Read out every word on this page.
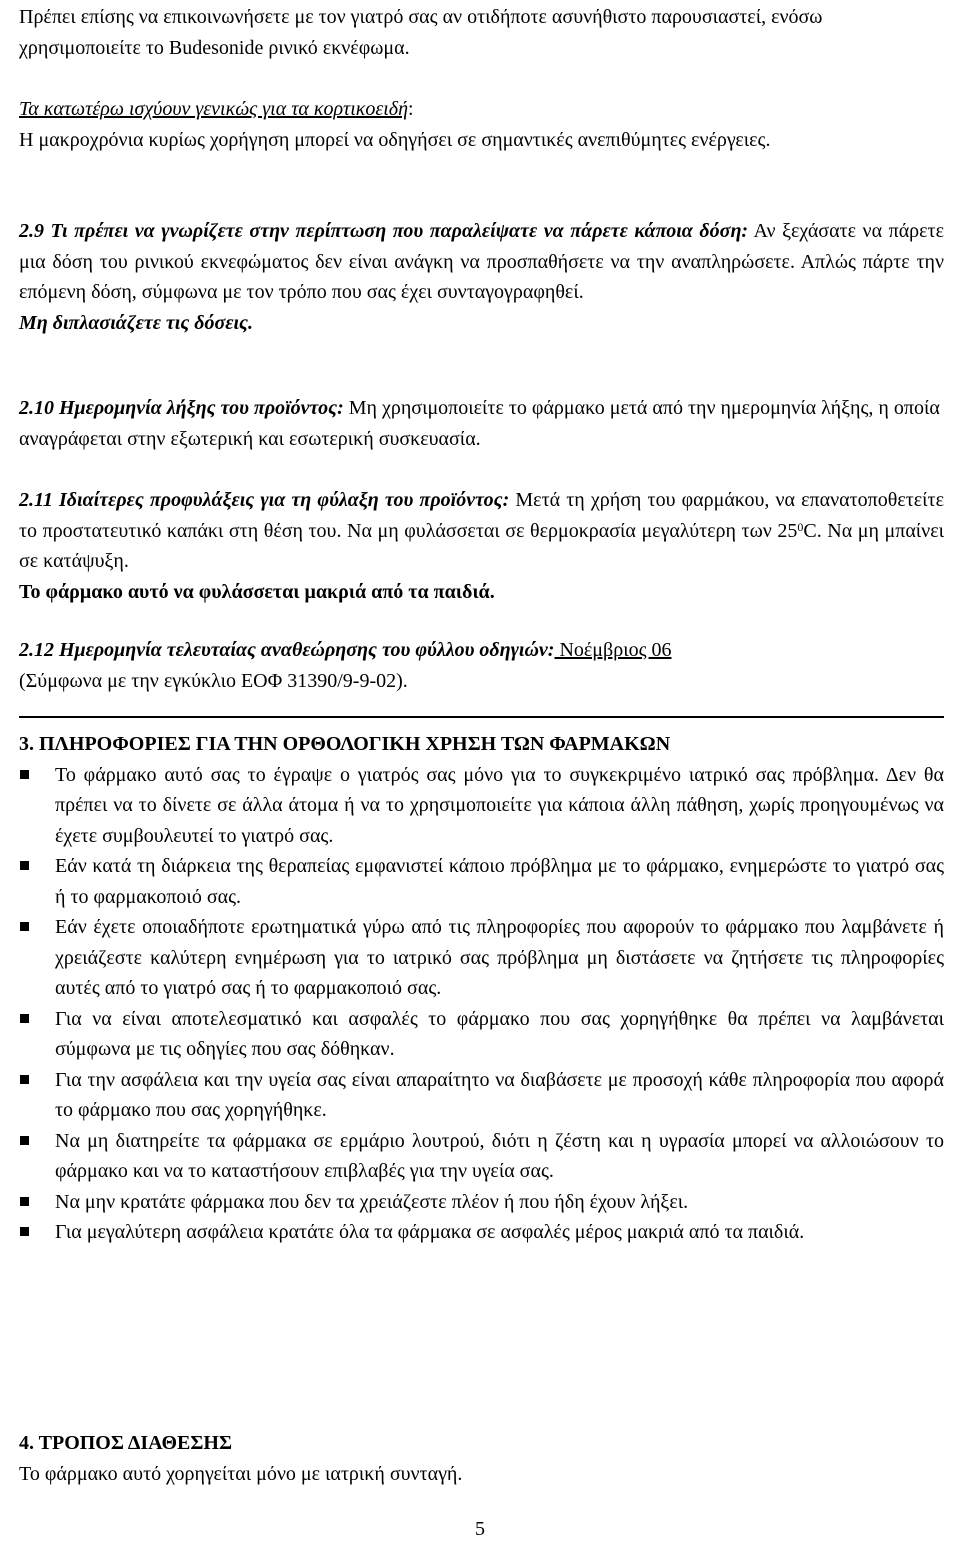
Πρέπει επίσης να επικοινωνήσετε με τον γιατρό σας αν οτιδήποτε ασυνήθιστο παρουσιαστεί, ενόσω χρησιμοποιείτε το Budesonide ρινικό εκνέφωμα.

Τα κατωτέρω ισχύουν γενικώς για τα κορτικοειδή:
Η μακροχρόνια κυρίως χορήγηση μπορεί να οδηγήσει σε σημαντικές ανεπιθύμητες ενέργειες.

2.9 Τι πρέπει να γνωρίζετε στην περίπτωση που παραλείψατε να πάρετε κάποια δόση: Αν ξεχάσατε να πάρετε μια δόση του ρινικού εκνεφώματος δεν είναι ανάγκη να προσπαθήσετε να την αναπληρώσετε. Απλώς πάρτε την επόμενη δόση, σύμφωνα με τον τρόπο που σας έχει συνταγογραφηθεί.
Μη διπλασιάζετε τις δόσεις.

2.10 Ημερομηνία λήξης του προϊόντος: Μη χρησιμοποιείτε το φάρμακο μετά από την ημερομηνία λήξης, η οποία αναγράφεται στην εξωτερική και εσωτερική συσκευασία.

2.11 Ιδιαίτερες προφυλάξεις για τη φύλαξη του προϊόντος: Μετά τη χρήση του φαρμάκου, να επανατοποθετείτε το προστατευτικό καπάκι στη θέση του. Να μη φυλάσσεται σε θερμοκρασία μεγαλύτερη των $25^0C$. Να μη μπαίνει σε κατάψυξη.
Το φάρμακο αυτό να φυλάσσεται μακριά από τα παιδιά.

2.12 Ημερομηνία τελευταίας αναθεώρησης του φύλλου οδηγιών: Νοέμβριος 06
(Σύμφωνα με την εγκύκλιο ΕΟΦ 31390/9-9-02).

3. ΠΛΗΡΟΦΟΡΙΕΣ ΓΙΑ ΤΗΝ ΟΡΘΟΛΟΓΙΚΗ ΧΡΗΣΗ ΤΩΝ ΦΑΡΜΑΚΩΝ
Το φάρμακο αυτό σας το έγραψε ο γιατρός σας μόνο για το συγκεκριμένο ιατρικό σας πρόβλημα. Δεν θα πρέπει να το δίνετε σε άλλα άτομα ή να το χρησιμοποιείτε για κάποια άλλη πάθηση, χωρίς προηγουμένως να έχετε συμβουλευτεί το γιατρό σας.
Εάν κατά τη διάρκεια της θεραπείας εμφανιστεί κάποιο πρόβλημα με το φάρμακο, ενημερώστε το γιατρό σας ή το φαρμακοποιό σας.
Εάν έχετε οποιαδήποτε ερωτηματικά γύρω από τις πληροφορίες που αφορούν το φάρμακο που λαμβάνετε ή χρειάζεστε καλύτερη ενημέρωση για το ιατρικό σας πρόβλημα μη διστάσετε να ζητήσετε τις πληροφορίες αυτές από το γιατρό σας ή το φαρμακοποιό σας.
Για να είναι αποτελεσματικό και ασφαλές το φάρμακο που σας χορηγήθηκε θα πρέπει να λαμβάνεται σύμφωνα με τις οδηγίες που σας δόθηκαν.
Για την ασφάλεια και την υγεία σας είναι απαραίτητο να διαβάσετε με προσοχή κάθε πληροφορία που αφορά το φάρμακο που σας χορηγήθηκε.
Να μη διατηρείτε τα φάρμακα σε ερμάριο λουτρού, διότι η ζέστη και η υγρασία μπορεί να αλλοιώσουν το φάρμακο και να το καταστήσουν επιβλαβές για την υγεία σας.
Να μην κρατάτε φάρμακα που δεν τα χρειάζεστε πλέον ή που ήδη έχουν λήξει.
Για μεγαλύτερη ασφάλεια κρατάτε όλα τα φάρμακα σε ασφαλές μέρος μακριά από τα παιδιά.

4. ΤΡΟΠΟΣ ΔΙΑΘΕΣΗΣ
Το φάρμακο αυτό χορηγείται μόνο με ιατρική συνταγή.

5
